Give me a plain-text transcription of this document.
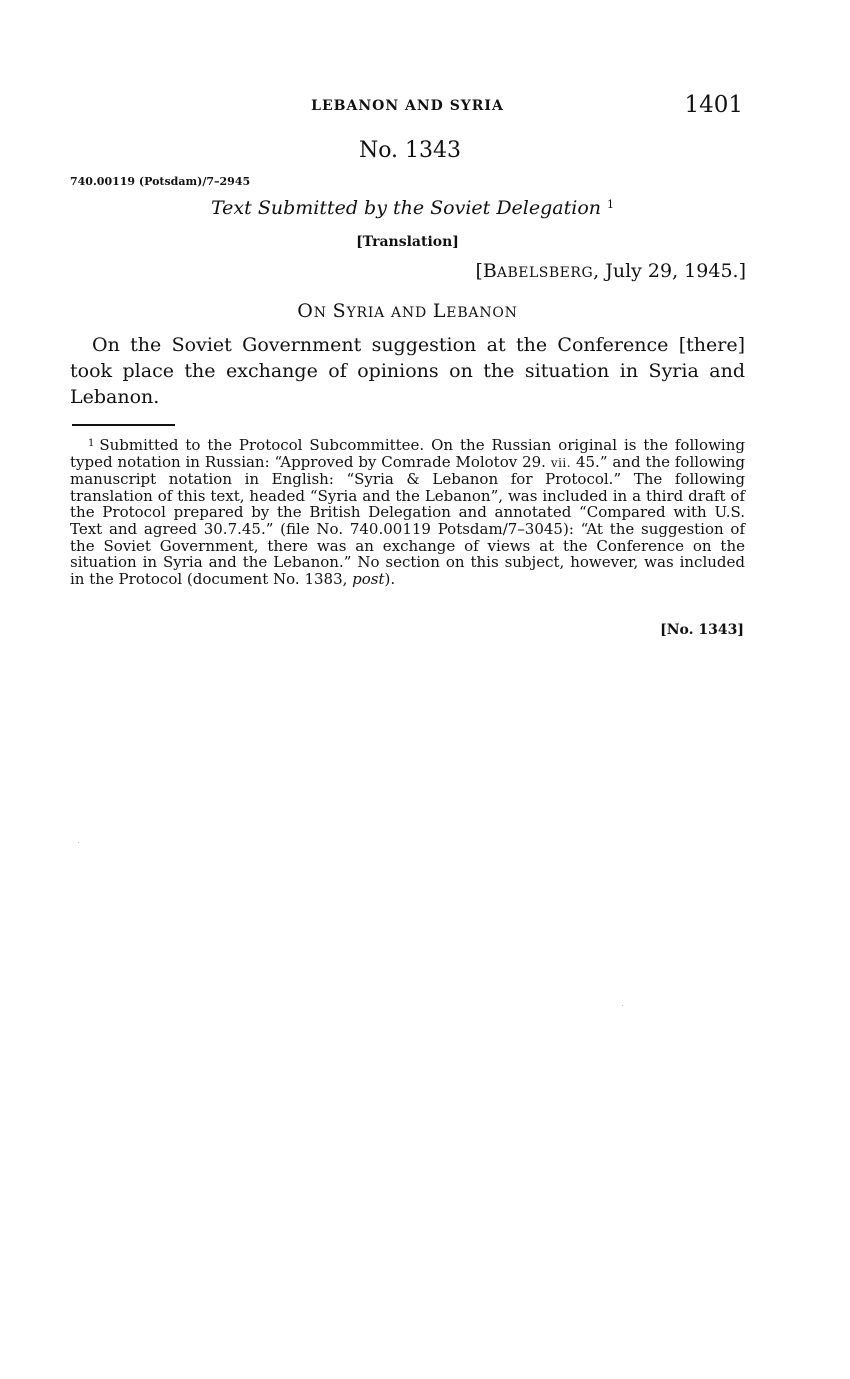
LEBANON AND SYRIA	1401
No. 1343
740.00119 (Potsdam)/7–2945
Text Submitted by the Soviet Delegation $^1$
[Translation]
[BABELSBERG, July 29, 1945.]
ON SYRIA AND LEBANON

On the Soviet Government suggestion at the Conference [there] took place the exchange of opinions on the situation in Syria and Lebanon.

$^1$ Submitted to the Protocol Subcommittee. On the Russian original is the following typed notation in Russian: “Approved by Comrade Molotov 29. vii. 45.” and the following manuscript notation in English: “Syria & Lebanon for Protocol.” The following translation of this text, headed “Syria and the Lebanon”, was included in a third draft of the Protocol prepared by the British Delegation and annotated “Compared with U.S. Text and agreed 30.7.45.” (file No. 740.00119 Potsdam/7–3045): “At the suggestion of the Soviet Government, there was an exchange of views at the Conference on the situation in Syria and the Lebanon.” No section on this subject, however, was included in the Protocol (document No. 1383, post).

[No. 1343]
